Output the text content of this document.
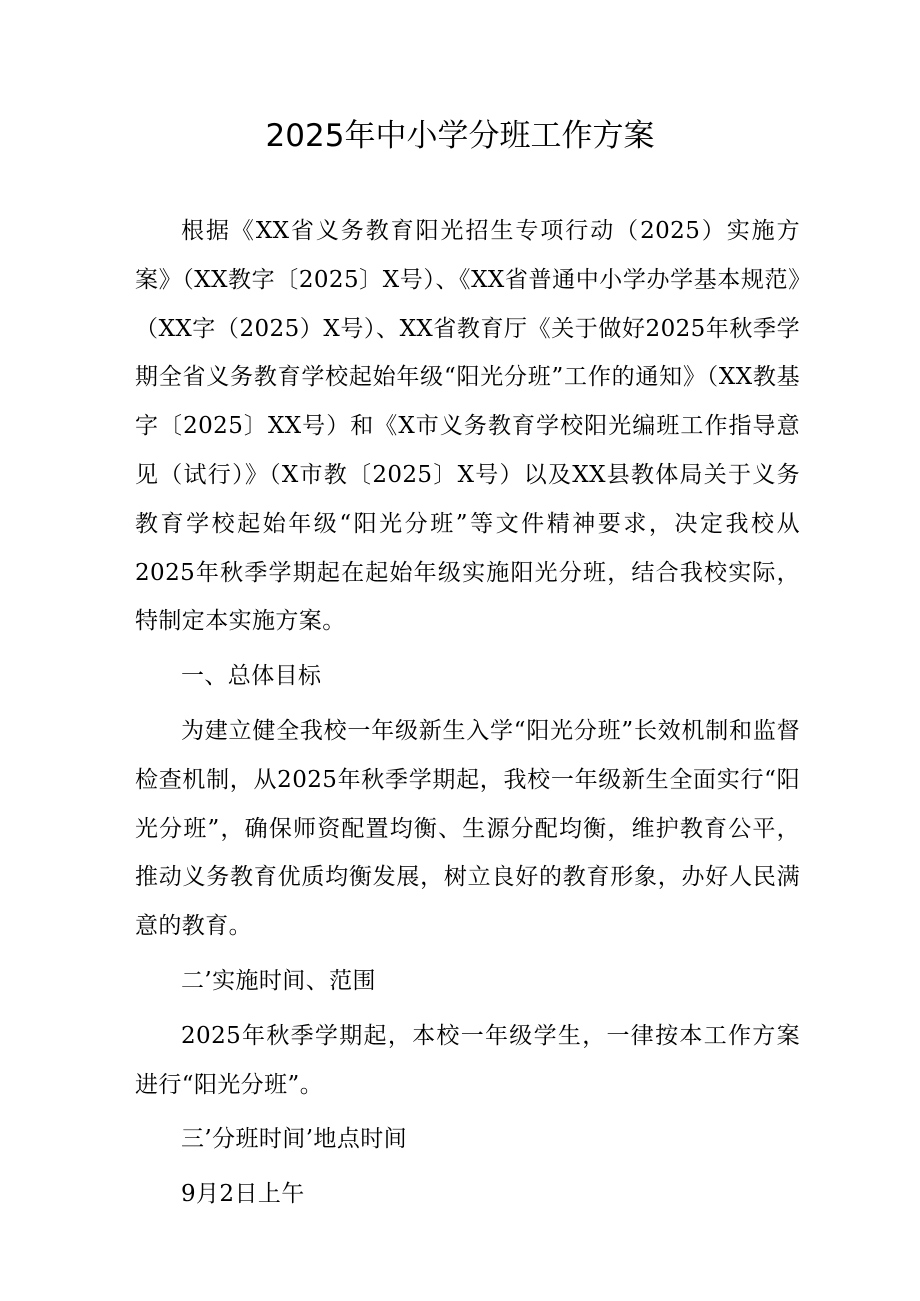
2025年中小学分班工作方案

根据《XX省义务教育阳光招生专项行动（2025）实施方案》（XX教字〔2025〕X号）、《XX省普通中小学办学基本规范》（XX字（2025）X号）、XX省教育厅《关于做好2025年秋季学期全省义务教育学校起始年级“阳光分班”工作的通知》（XX教基字〔2025〕XX号）和《X市义务教育学校阳光编班工作指导意见（试行）》（X市教〔2025〕X号）以及XX县教体局关于义务教育学校起始年级“阳光分班”等文件精神要求，决定我校从2025年秋季学期起在起始年级实施阳光分班，结合我校实际，特制定本实施方案。

一、总体目标

为建立健全我校一年级新生入学“阳光分班”长效机制和监督检查机制，从2025年秋季学期起，我校一年级新生全面实行“阳光分班”，确保师资配置均衡、生源分配均衡，维护教育公平，推动义务教育优质均衡发展，树立良好的教育形象，办好人民满意的教育。

二’实施时间、范围

2025年秋季学期起，本校一年级学生，一律按本工作方案进行“阳光分班”。

三’分班时间’地点时间

9月2日上午
